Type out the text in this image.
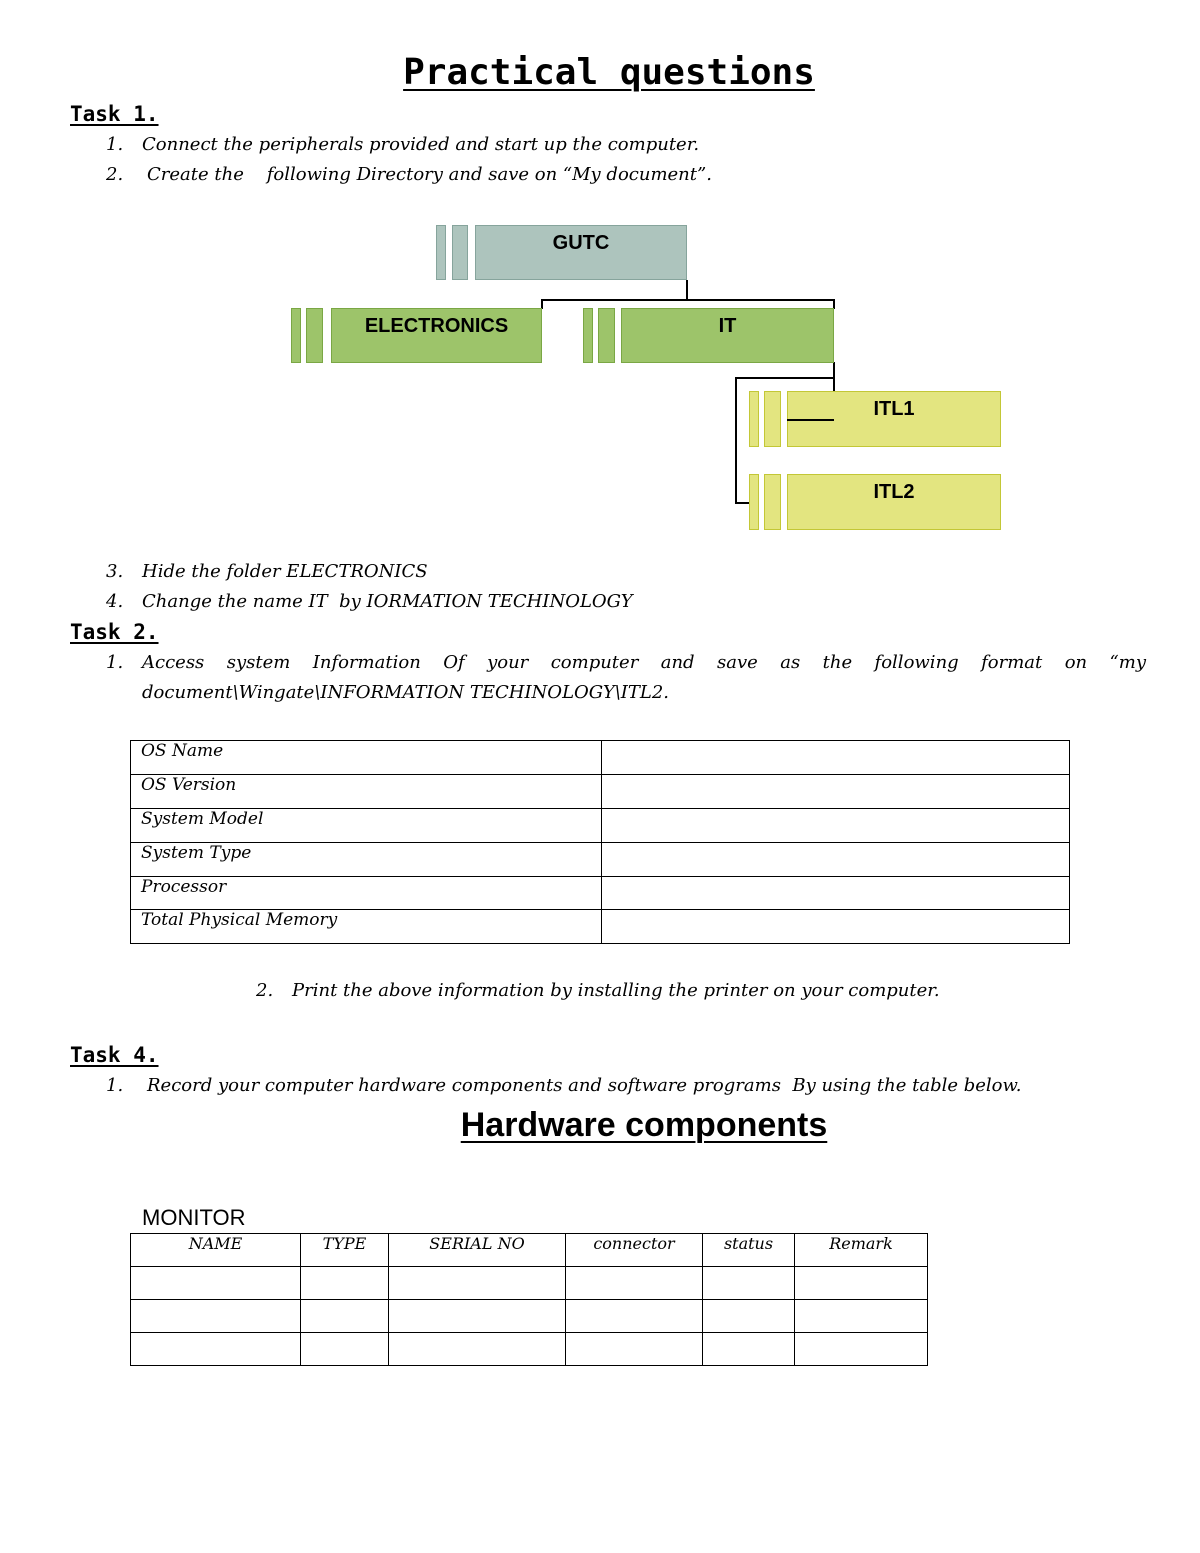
Practical questions
Task 1.
1. Connect the peripherals provided and start up the computer.
2. Create the    following Directory and save on “My document”.
GUTC
ELECTRONICS	IT
ITL1
ITL2
3. Hide the folder ELECTRONICS
4. Change the name IT  by IORMATION TECHINOLOGY
Task 2.
1. Access system Information Of your computer and save as the following format on “my
document\Wingate\INFORMATION TECHINOLOGY\ITL2.
OS Name	
OS Version	
System Model	
System Type	
Processor	
Total Physical Memory	
2. Print the above information by installing the printer on your computer.
Task 4.
1. Record your computer hardware components and software programs  By using the table below.
Hardware components
MONITOR
NAME	TYPE	SERIAL NO	connector	status	Remark
